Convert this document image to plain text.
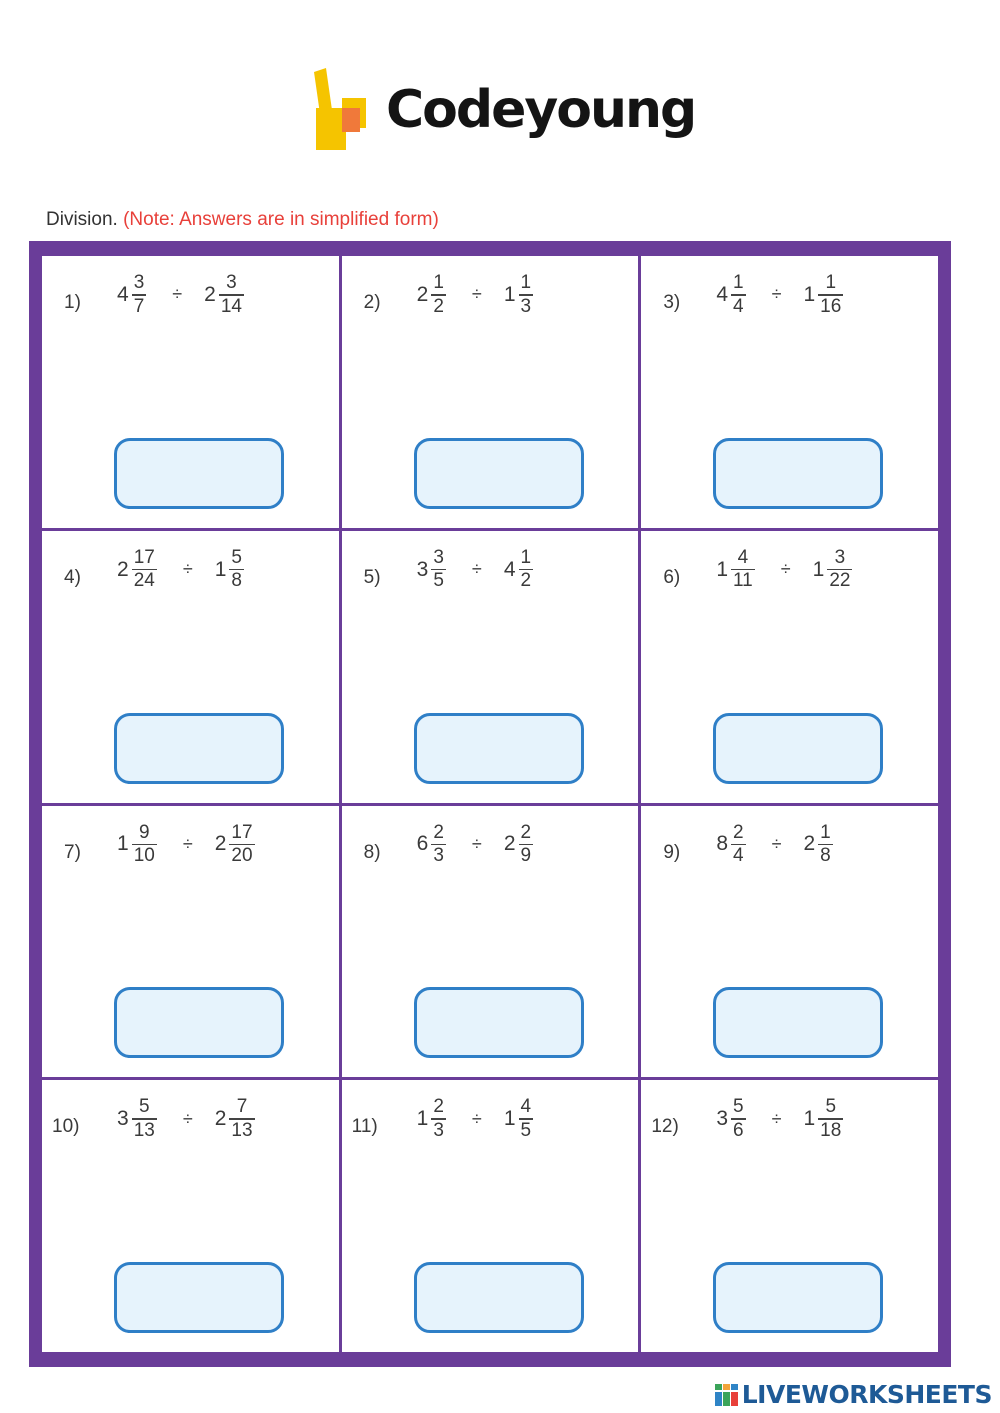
Codeyoung
Division. (Note: Answers are in simplified form)
1) $4 \frac{3}{7} \div 2 \frac{3}{14}$	2) $2 \frac{1}{2} \div 1 \frac{1}{3}$	3) $4 \frac{1}{4} \div 1 \frac{1}{16}$
4) $2 \frac{17}{24} \div 1 \frac{5}{8}$	5) $3 \frac{3}{5} \div 4 \frac{1}{2}$	6) $1 \frac{4}{11} \div 1 \frac{3}{22}$
7) $1 \frac{9}{10} \div 2 \frac{17}{20}$	8) $6 \frac{2}{3} \div 2 \frac{2}{9}$	9) $8 \frac{2}{4} \div 2 \frac{1}{8}$
10) $3 \frac{5}{13} \div 2 \frac{7}{13}$	11) $1 \frac{2}{3} \div 1 \frac{4}{5}$	12) $3 \frac{5}{6} \div 1 \frac{5}{18}$
LIVEWORKSHEETS
